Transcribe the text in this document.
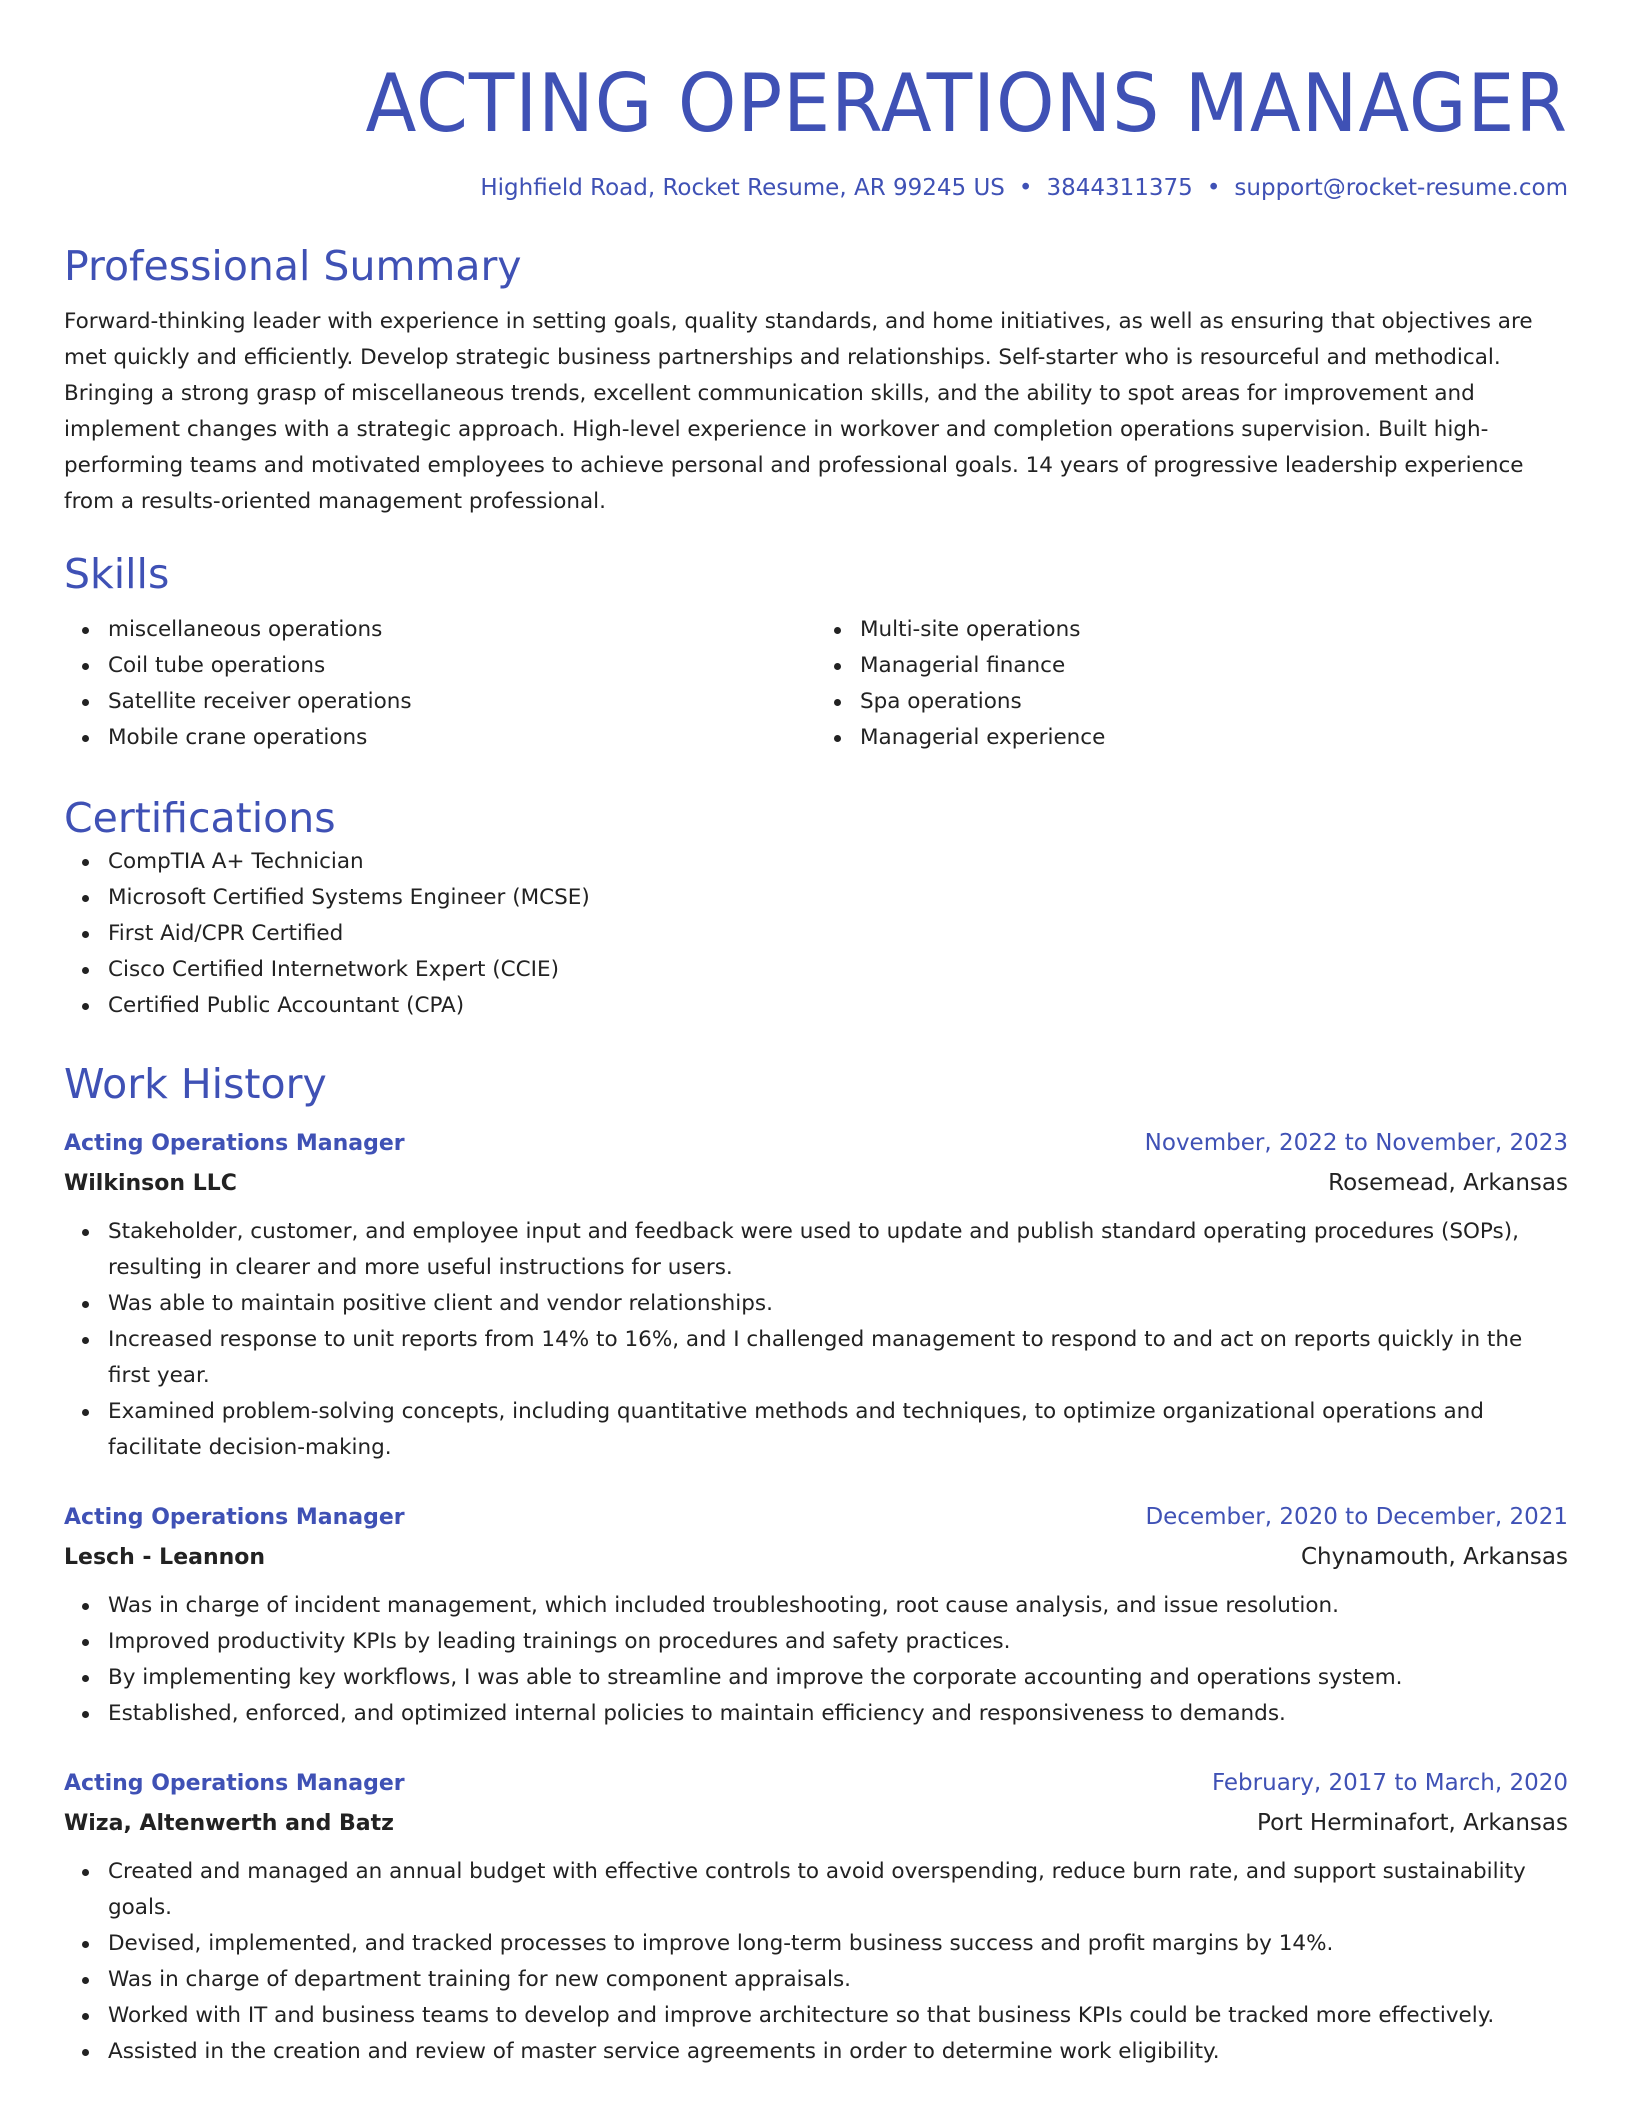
ACTING OPERATIONS MANAGER
Highfield Road, Rocket Resume, AR 99245 US • 3844311375 • support@rocket-resume.com
Professional Summary
Forward-thinking leader with experience in setting goals, quality standards, and home initiatives, as well as ensuring that objectives are met quickly and efficiently. Develop strategic business partnerships and relationships. Self-starter who is resourceful and methodical. Bringing a strong grasp of miscellaneous trends, excellent communication skills, and the ability to spot areas for improvement and implement changes with a strategic approach. High-level experience in workover and completion operations supervision. Built high-performing teams and motivated employees to achieve personal and professional goals. 14 years of progressive leadership experience from a results-oriented management professional.
Skills
miscellaneous operations
Coil tube operations
Satellite receiver operations
Mobile crane operations
Multi-site operations
Managerial finance
Spa operations
Managerial experience
Certifications
CompTIA A+ Technician
Microsoft Certified Systems Engineer (MCSE)
First Aid/CPR Certified
Cisco Certified Internetwork Expert (CCIE)
Certified Public Accountant (CPA)
Work History
Acting Operations Manager	November, 2022 to November, 2023
Wilkinson LLC	Rosemead, Arkansas
Stakeholder, customer, and employee input and feedback were used to update and publish standard operating procedures (SOPs), resulting in clearer and more useful instructions for users.
Was able to maintain positive client and vendor relationships.
Increased response to unit reports from 14% to 16%, and I challenged management to respond to and act on reports quickly in the first year.
Examined problem-solving concepts, including quantitative methods and techniques, to optimize organizational operations and facilitate decision-making.
Acting Operations Manager	December, 2020 to December, 2021
Lesch - Leannon	Chynamouth, Arkansas
Was in charge of incident management, which included troubleshooting, root cause analysis, and issue resolution.
Improved productivity KPIs by leading trainings on procedures and safety practices.
By implementing key workflows, I was able to streamline and improve the corporate accounting and operations system.
Established, enforced, and optimized internal policies to maintain efficiency and responsiveness to demands.
Acting Operations Manager	February, 2017 to March, 2020
Wiza, Altenwerth and Batz	Port Herminafort, Arkansas
Created and managed an annual budget with effective controls to avoid overspending, reduce burn rate, and support sustainability goals.
Devised, implemented, and tracked processes to improve long-term business success and profit margins by 14%.
Was in charge of department training for new component appraisals.
Worked with IT and business teams to develop and improve architecture so that business KPIs could be tracked more effectively.
Assisted in the creation and review of master service agreements in order to determine work eligibility.
